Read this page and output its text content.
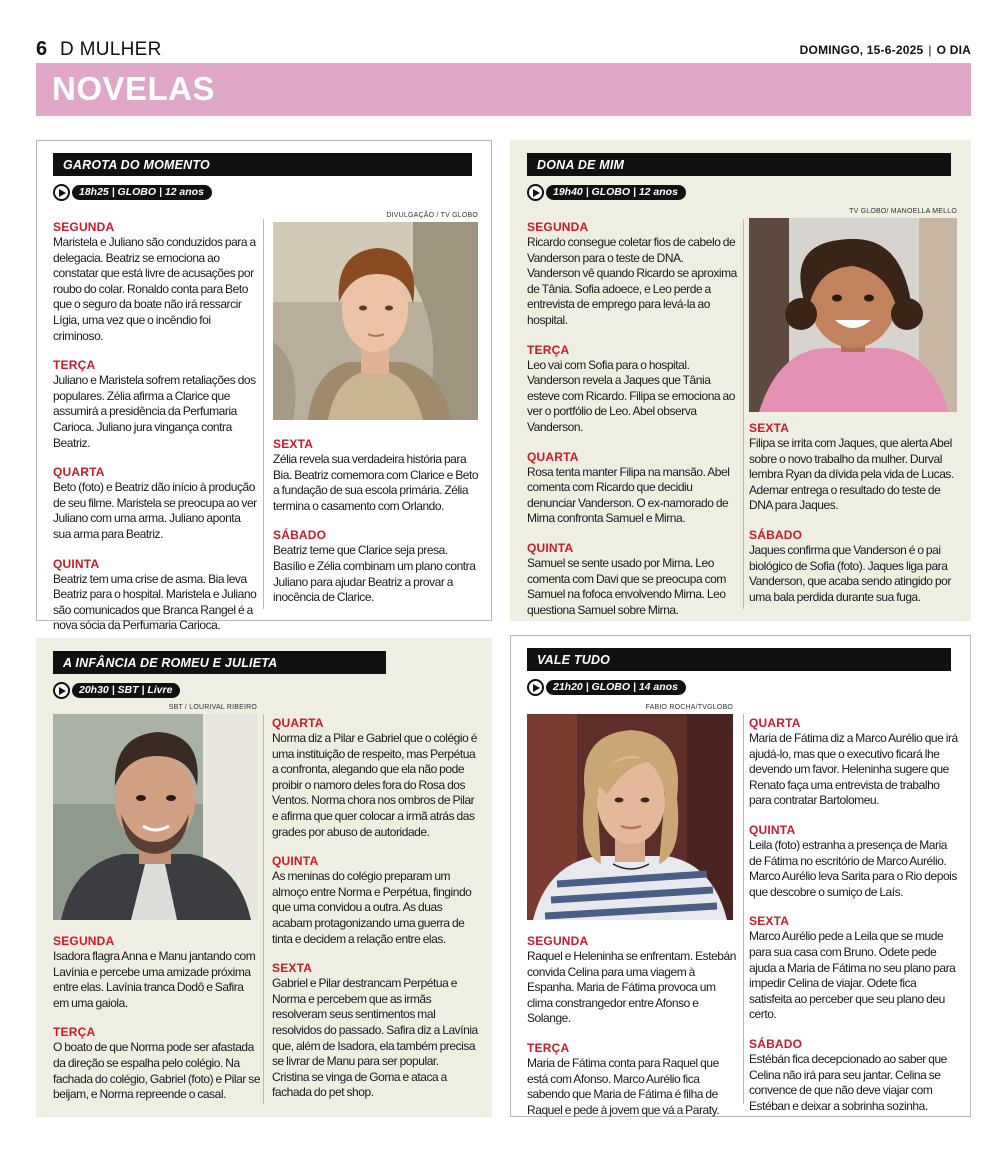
6 D MULHER	DOMINGO, 15-6-2025 | O DIA
NOVELAS
GAROTA DO MOMENTO
18h25 | GLOBO | 12 anos
SEGUNDA
Maristela e Juliano são conduzidos para a delegacia. Beatriz se emociona ao constatar que está livre de acusações por roubo do colar. Ronaldo conta para Beto que o seguro da boate não irá ressarcir Lígia, uma vez que o incêndio foi criminoso.
TERÇA
Juliano e Maristela sofrem retaliações dos populares. Zélia afirma a Clarice que assumirá a presidência da Perfumaria Carioca. Juliano jura vingança contra Beatriz.
QUARTA
Beto (foto) e Beatriz dão início à produção de seu filme. Maristela se preocupa ao ver Juliano com uma arma. Juliano aponta sua arma para Beatriz.
QUINTA
Beatriz tem uma crise de asma. Bia leva Beatriz para o hospital. Maristela e Juliano são comunicados que Branca Rangel é a nova sócia da Perfumaria Carioca.
DIVULGAÇÃO / TV GLOBO
SEXTA
Zélia revela sua verdadeira história para Bia. Beatriz comemora com Clarice e Beto a fundação de sua escola primária. Zélia termina o casamento com Orlando.
SÁBADO
Beatriz teme que Clarice seja presa. Basílio e Zélia combinam um plano contra Juliano para ajudar Beatriz a provar a inocência de Clarice.
DONA DE MIM
19h40 | GLOBO | 12 anos
SEGUNDA
Ricardo consegue coletar fios de cabelo de Vanderson para o teste de DNA. Vanderson vê quando Ricardo se aproxima de Tânia. Sofia adoece, e Leo perde a entrevista de emprego para levá-la ao hospital.
TERÇA
Leo vai com Sofia para o hospital. Vanderson revela a Jaques que Tânia esteve com Ricardo. Filipa se emociona ao ver o portfólio de Leo. Abel observa Vanderson.
QUARTA
Rosa tenta manter Filipa na mansão. Abel comenta com Ricardo que decidiu denunciar Vanderson. O ex-namorado de Mirna confronta Samuel e Mirna.
QUINTA
Samuel se sente usado por Mirna. Leo comenta com Davi que se preocupa com Samuel na fofoca envolvendo Mirna. Leo questiona Samuel sobre Mirna.
TV GLOBO/ MANOELLA MELLO
SEXTA
Filipa se irrita com Jaques, que alerta Abel sobre o novo trabalho da mulher. Durval lembra Ryan da dívida pela vida de Lucas. Ademar entrega o resultado do teste de DNA para Jaques.
SÁBADO
Jaques confirma que Vanderson é o pai biológico de Sofia (foto). Jaques liga para Vanderson, que acaba sendo atingido por uma bala perdida durante sua fuga.
A INFÂNCIA DE ROMEU E JULIETA
20h30 | SBT | Livre
SBT / LOURIVAL RIBEIRO
SEGUNDA
Isadora flagra Anna e Manu jantando com Lavínia e percebe uma amizade próxima entre elas. Lavínia tranca Dodô e Safira em uma gaiola.
TERÇA
O boato de que Norma pode ser afastada da direção se espalha pelo colégio. Na fachada do colégio, Gabriel (foto) e Pilar se beijam, e Norma repreende o casal.
QUARTA
Norma diz a Pilar e Gabriel que o colégio é uma instituição de respeito, mas Perpétua a confronta, alegando que ela não pode proibir o namoro deles fora do Rosa dos Ventos. Norma chora nos ombros de Pilar e afirma que quer colocar a irmã atrás das grades por abuso de autoridade.
QUINTA
As meninas do colégio preparam um almoço entre Norma e Perpétua, fingindo que uma convidou a outra. As duas acabam protagonizando uma guerra de tinta e decidem a relação entre elas.
SEXTA
Gabriel e Pilar destrancam Perpétua e Norma e percebem que as irmãs resolveram seus sentimentos mal resolvidos do passado. Safira diz a Lavínia que, além de Isadora, ela também precisa se livrar de Manu para ser popular. Cristina se vinga de Goma e ataca a fachada do pet shop.
VALE TUDO
21h20 | GLOBO | 14 anos
FABIO ROCHA/TVGLOBO
SEGUNDA
Raquel e Heleninha se enfrentam. Estebán convida Celina para uma viagem à Espanha. Maria de Fátima provoca um clima constrangedor entre Afonso e Solange.
TERÇA
Maria de Fátima conta para Raquel que está com Afonso. Marco Aurélio fica sabendo que Maria de Fátima é filha de Raquel e pede à jovem que vá a Paraty.
QUARTA
Maria de Fátima diz a Marco Aurélio que irá ajudá-lo, mas que o executivo ficará lhe devendo um favor. Heleninha sugere que Renato faça uma entrevista de trabalho para contratar Bartolomeu.
QUINTA
Leila (foto) estranha a presença de Maria de Fátima no escritório de Marco Aurélio. Marco Aurélio leva Sarita para o Rio depois que descobre o sumiço de Laís.
SEXTA
Marco Aurélio pede a Leila que se mude para sua casa com Bruno. Odete pede ajuda a Maria de Fátima no seu plano para impedir Celina de viajar. Odete fica satisfeita ao perceber que seu plano deu certo.
SÁBADO
Estébán fica decepcionado ao saber que Celina não irá para seu jantar. Celina se convence de que não deve viajar com Estéban e deixar a sobrinha sozinha.
